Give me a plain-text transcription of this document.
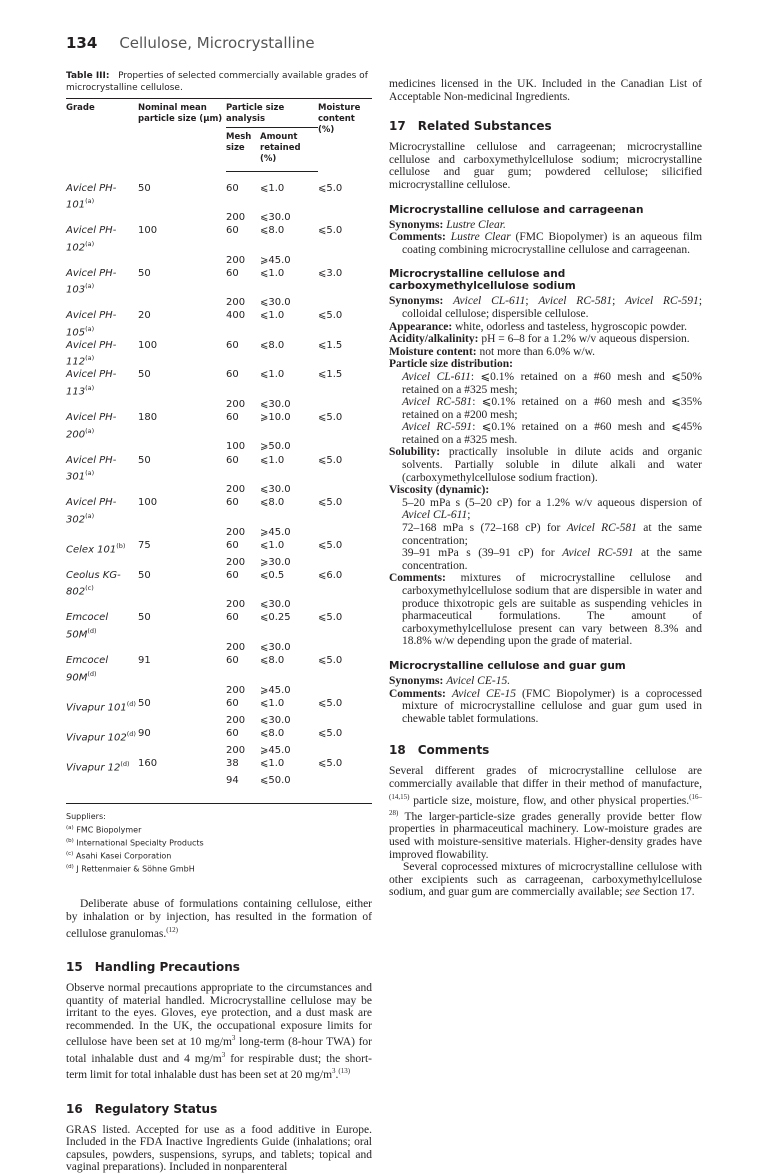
134 Cellulose, Microcrystalline

Table III: Properties of selected commercially available grades of microcrystalline cellulose.

Grade	Nominal mean particle size (μm)	Particle size analysis		Moisture content (%)
		Mesh size	Amount retained (%)	
Avicel PH-101$^{(a)}$	50	60	⩽1.0	⩽5.0
		200	⩽30.0	
Avicel PH-102$^{(a)}$	100	60	⩽8.0	⩽5.0
		200	⩾45.0	
Avicel PH-103$^{(a)}$	50	60	⩽1.0	⩽3.0
		200	⩽30.0	
Avicel PH-105$^{(a)}$	20	400	⩽1.0	⩽5.0
Avicel PH-112$^{(a)}$	100	60	⩽8.0	⩽1.5
Avicel PH-113$^{(a)}$	50	60	⩽1.0	⩽1.5
		200	⩽30.0	
Avicel PH-200$^{(a)}$	180	60	⩾10.0	⩽5.0
		100	⩾50.0	
Avicel PH-301$^{(a)}$	50	60	⩽1.0	⩽5.0
		200	⩽30.0	
Avicel PH-302$^{(a)}$	100	60	⩽8.0	⩽5.0
		200	⩾45.0	
Celex 101$^{(b)}$	75	60	⩽1.0	⩽5.0
		200	⩾30.0	
Ceolus KG-802$^{(c)}$	50	60	⩽0.5	⩽6.0
		200	⩽30.0	
Emcocel $50M^{(d)}$	50	60	⩽0.25	⩽5.0
		200	⩽30.0	
Emcocel $90M^{(d)}$	91	60	⩽8.0	⩽5.0
		200	⩾45.0	
Vivapur 101$^{(d)}$	50	60	⩽1.0	⩽5.0
		200	⩽30.0	
Vivapur 102$^{(d)}$	90	60	⩽8.0	⩽5.0
		200	⩾45.0	
Vivapur 12$^{(d)}$	160	38	⩽1.0	⩽5.0
		94	⩽50.0	
Suppliers:
$^{(a)}$ FMC Biopolymer
$^{(b)}$ International Specialty Products
$^{(c)}$ Asahi Kasei Corporation
$^{(d)}$ J Rettenmaier & Söhne GmbH

Deliberate abuse of formulations containing cellulose, either by inhalation or by injection, has resulted in the formation of cellulose granulomas.$^{(12)}$

15 Handling Precautions

Observe normal precautions appropriate to the circumstances and quantity of material handled. Microcrystalline cellulose may be irritant to the eyes. Gloves, eye protection, and a dust mask are recommended. In the UK, the occupational exposure limits for cellulose have been set at 10 mg/m$^3$ long-term (8-hour TWA) for total inhalable dust and 4 mg/m$^3$ for respirable dust; the short-term limit for total inhalable dust has been set at 20 mg/m$^3$.$^{(13)}$

16 Regulatory Status

GRAS listed. Accepted for use as a food additive in Europe. Included in the FDA Inactive Ingredients Guide (inhalations; oral capsules, powders, suspensions, syrups, and tablets; topical and vaginal preparations). Included in nonparenteral

medicines licensed in the UK. Included in the Canadian List of Acceptable Non-medicinal Ingredients.

17 Related Substances

Microcrystalline cellulose and carrageenan; microcrystalline cellulose and carboxymethylcellulose sodium; microcrystalline cellulose and guar gum; powdered cellulose; silicified microcrystalline cellulose.

Microcrystalline cellulose and carrageenan

Synonyms: Lustre Clear.

Comments: Lustre Clear (FMC Biopolymer) is an aqueous film coating combining microcrystalline cellulose and carrageenan.

Microcrystalline cellulose and carboxymethylcellulose sodium

Synonyms: Avicel CL-611; Avicel RC-581; Avicel RC-591; colloidal cellulose; dispersible cellulose.

Appearance: white, odorless and tasteless, hygroscopic powder.

Acidity/alkalinity: pH = 6–8 for a 1.2% w/v aqueous dispersion.

Moisture content: not more than 6.0% w/w.

Particle size distribution:

Avicel CL-611: ⩽0.1% retained on a #60 mesh and ⩽50% retained on a #325 mesh;

Avicel RC-581: ⩽0.1% retained on a #60 mesh and ⩽35% retained on a #200 mesh;

Avicel RC-591: ⩽0.1% retained on a #60 mesh and ⩽45% retained on a #325 mesh.

Solubility: practically insoluble in dilute acids and organic solvents. Partially soluble in dilute alkali and water (carboxymethylcellulose sodium fraction).

Viscosity (dynamic):

5–20 mPa s (5–20 cP) for a 1.2% w/v aqueous dispersion of Avicel CL-611;

72–168 mPa s (72–168 cP) for Avicel RC-581 at the same concentration;

39–91 mPa s (39–91 cP) for Avicel RC-591 at the same concentration.

Comments: mixtures of microcrystalline cellulose and carboxymethylcellulose sodium that are dispersible in water and produce thixotropic gels are suitable as suspending vehicles in pharmaceutical formulations. The amount of carboxymethylcellulose present can vary between 8.3% and 18.8% w/w depending upon the grade of material.

Microcrystalline cellulose and guar gum

Synonyms: Avicel CE-15.

Comments: Avicel CE-15 (FMC Biopolymer) is a coprocessed mixture of microcrystalline cellulose and guar gum used in chewable tablet formulations.

18 Comments

Several different grades of microcrystalline cellulose are commercially available that differ in their method of manufacture,$^{(14,15)}$ particle size, moisture, flow, and other physical properties.$^{(16-28)}$ The larger-particle-size grades generally provide better flow properties in pharmaceutical machinery. Low-moisture grades are used with moisture-sensitive materials. Higher-density grades have improved flowability.

Several coprocessed mixtures of microcrystalline cellulose with other excipients such as carrageenan, carboxymethylcellulose sodium, and guar gum are commercially available; see Section 17.
